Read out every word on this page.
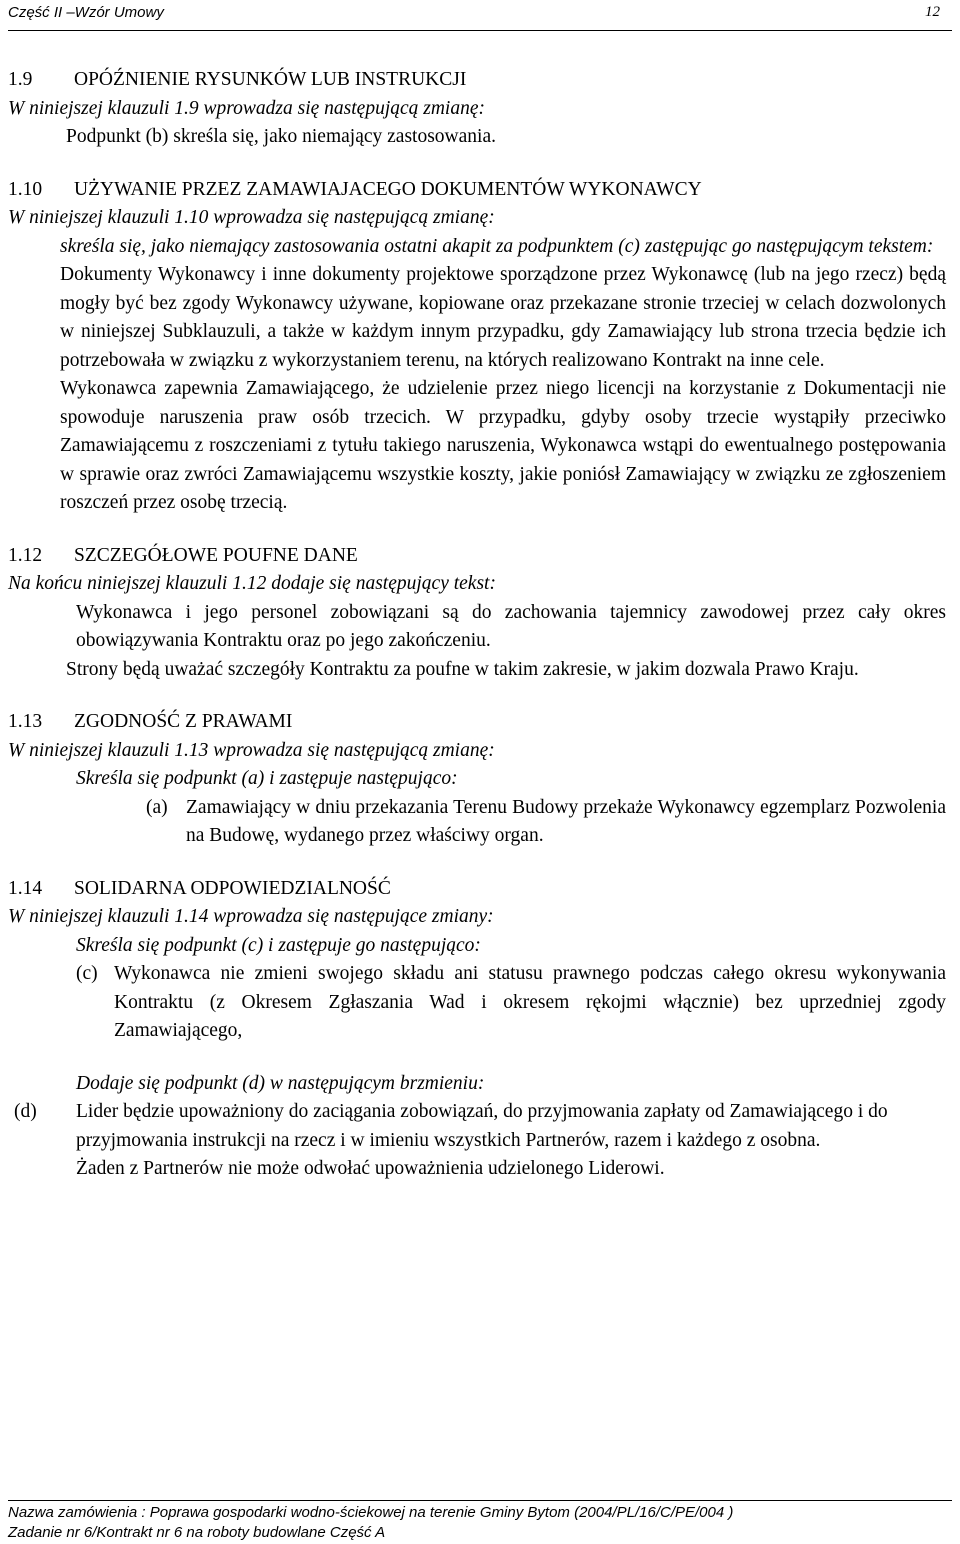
Część II –Wzór Umowy	12

1.9 OPÓŹNIENIE RYSUNKÓW LUB INSTRUKCJI

W niniejszej klauzuli 1.9 wprowadza się następującą zmianę:

Podpunkt (b) skreśla się, jako niemający zastosowania.

1.10 UŻYWANIE PRZEZ ZAMAWIAJACEGO DOKUMENTÓW WYKONAWCY

W niniejszej klauzuli 1.10 wprowadza się następującą zmianę:

skreśla się, jako niemający zastosowania ostatni akapit za podpunktem (c) zastępując go następującym tekstem:

Dokumenty Wykonawcy i inne dokumenty projektowe sporządzone przez Wykonawcę (lub na jego rzecz) będą mogły być bez zgody Wykonawcy używane, kopiowane oraz przekazane stronie trzeciej w celach dozwolonych w niniejszej Subklauzuli, a także w każdym innym przypadku, gdy Zamawiający lub strona trzecia będzie ich potrzebowała w związku z wykorzystaniem terenu, na których realizowano Kontrakt na inne cele.

Wykonawca zapewnia Zamawiającego, że udzielenie przez niego licencji na korzystanie z Dokumentacji nie spowoduje naruszenia praw osób trzecich. W przypadku, gdyby osoby trzecie wystąpiły przeciwko Zamawiającemu z roszczeniami z tytułu takiego naruszenia, Wykonawca wstąpi do ewentualnego postępowania w sprawie oraz zwróci Zamawiającemu wszystkie koszty, jakie poniósł Zamawiający w związku ze zgłoszeniem roszczeń przez osobę trzecią.

1.12 SZCZEGÓŁOWE POUFNE DANE

Na końcu niniejszej klauzuli 1.12 dodaje się następujący tekst:

Wykonawca i jego personel zobowiązani są do zachowania tajemnicy zawodowej przez cały okres obowiązywania Kontraktu oraz po jego zakończeniu.

Strony będą uważać szczegóły Kontraktu za poufne w takim zakresie, w jakim dozwala Prawo Kraju.

1.13 ZGODNOŚĆ Z PRAWAMI

W niniejszej klauzuli 1.13 wprowadza się następującą zmianę:

Skreśla się podpunkt (a) i zastępuje następująco:

(a) Zamawiający w dniu przekazania Terenu Budowy przekaże Wykonawcy egzemplarz Pozwolenia na Budowę, wydanego przez właściwy organ.

1.14 SOLIDARNA ODPOWIEDZIALNOŚĆ

W niniejszej klauzuli 1.14 wprowadza się następujące zmiany:

Skreśla się podpunkt (c) i zastępuje go następująco:

(c) Wykonawca nie zmieni swojego składu ani statusu prawnego podczas całego okresu wykonywania Kontraktu (z Okresem Zgłaszania Wad i okresem rękojmi włącznie) bez uprzedniej zgody Zamawiającego,

Dodaje się podpunkt (d) w następującym brzmieniu:

(d) Lider będzie upoważniony do zaciągania zobowiązań, do przyjmowania zapłaty od Zamawiającego i do przyjmowania instrukcji na rzecz i w imieniu wszystkich Partnerów, razem i każdego z osobna.

Żaden z Partnerów nie może odwołać upoważnienia udzielonego Liderowi.

Nazwa zamówienia : Poprawa gospodarki wodno-ściekowej na terenie Gminy Bytom (2004/PL/16/C/PE/004 )
Zadanie nr 6/Kontrakt nr 6 na roboty budowlane Część A
